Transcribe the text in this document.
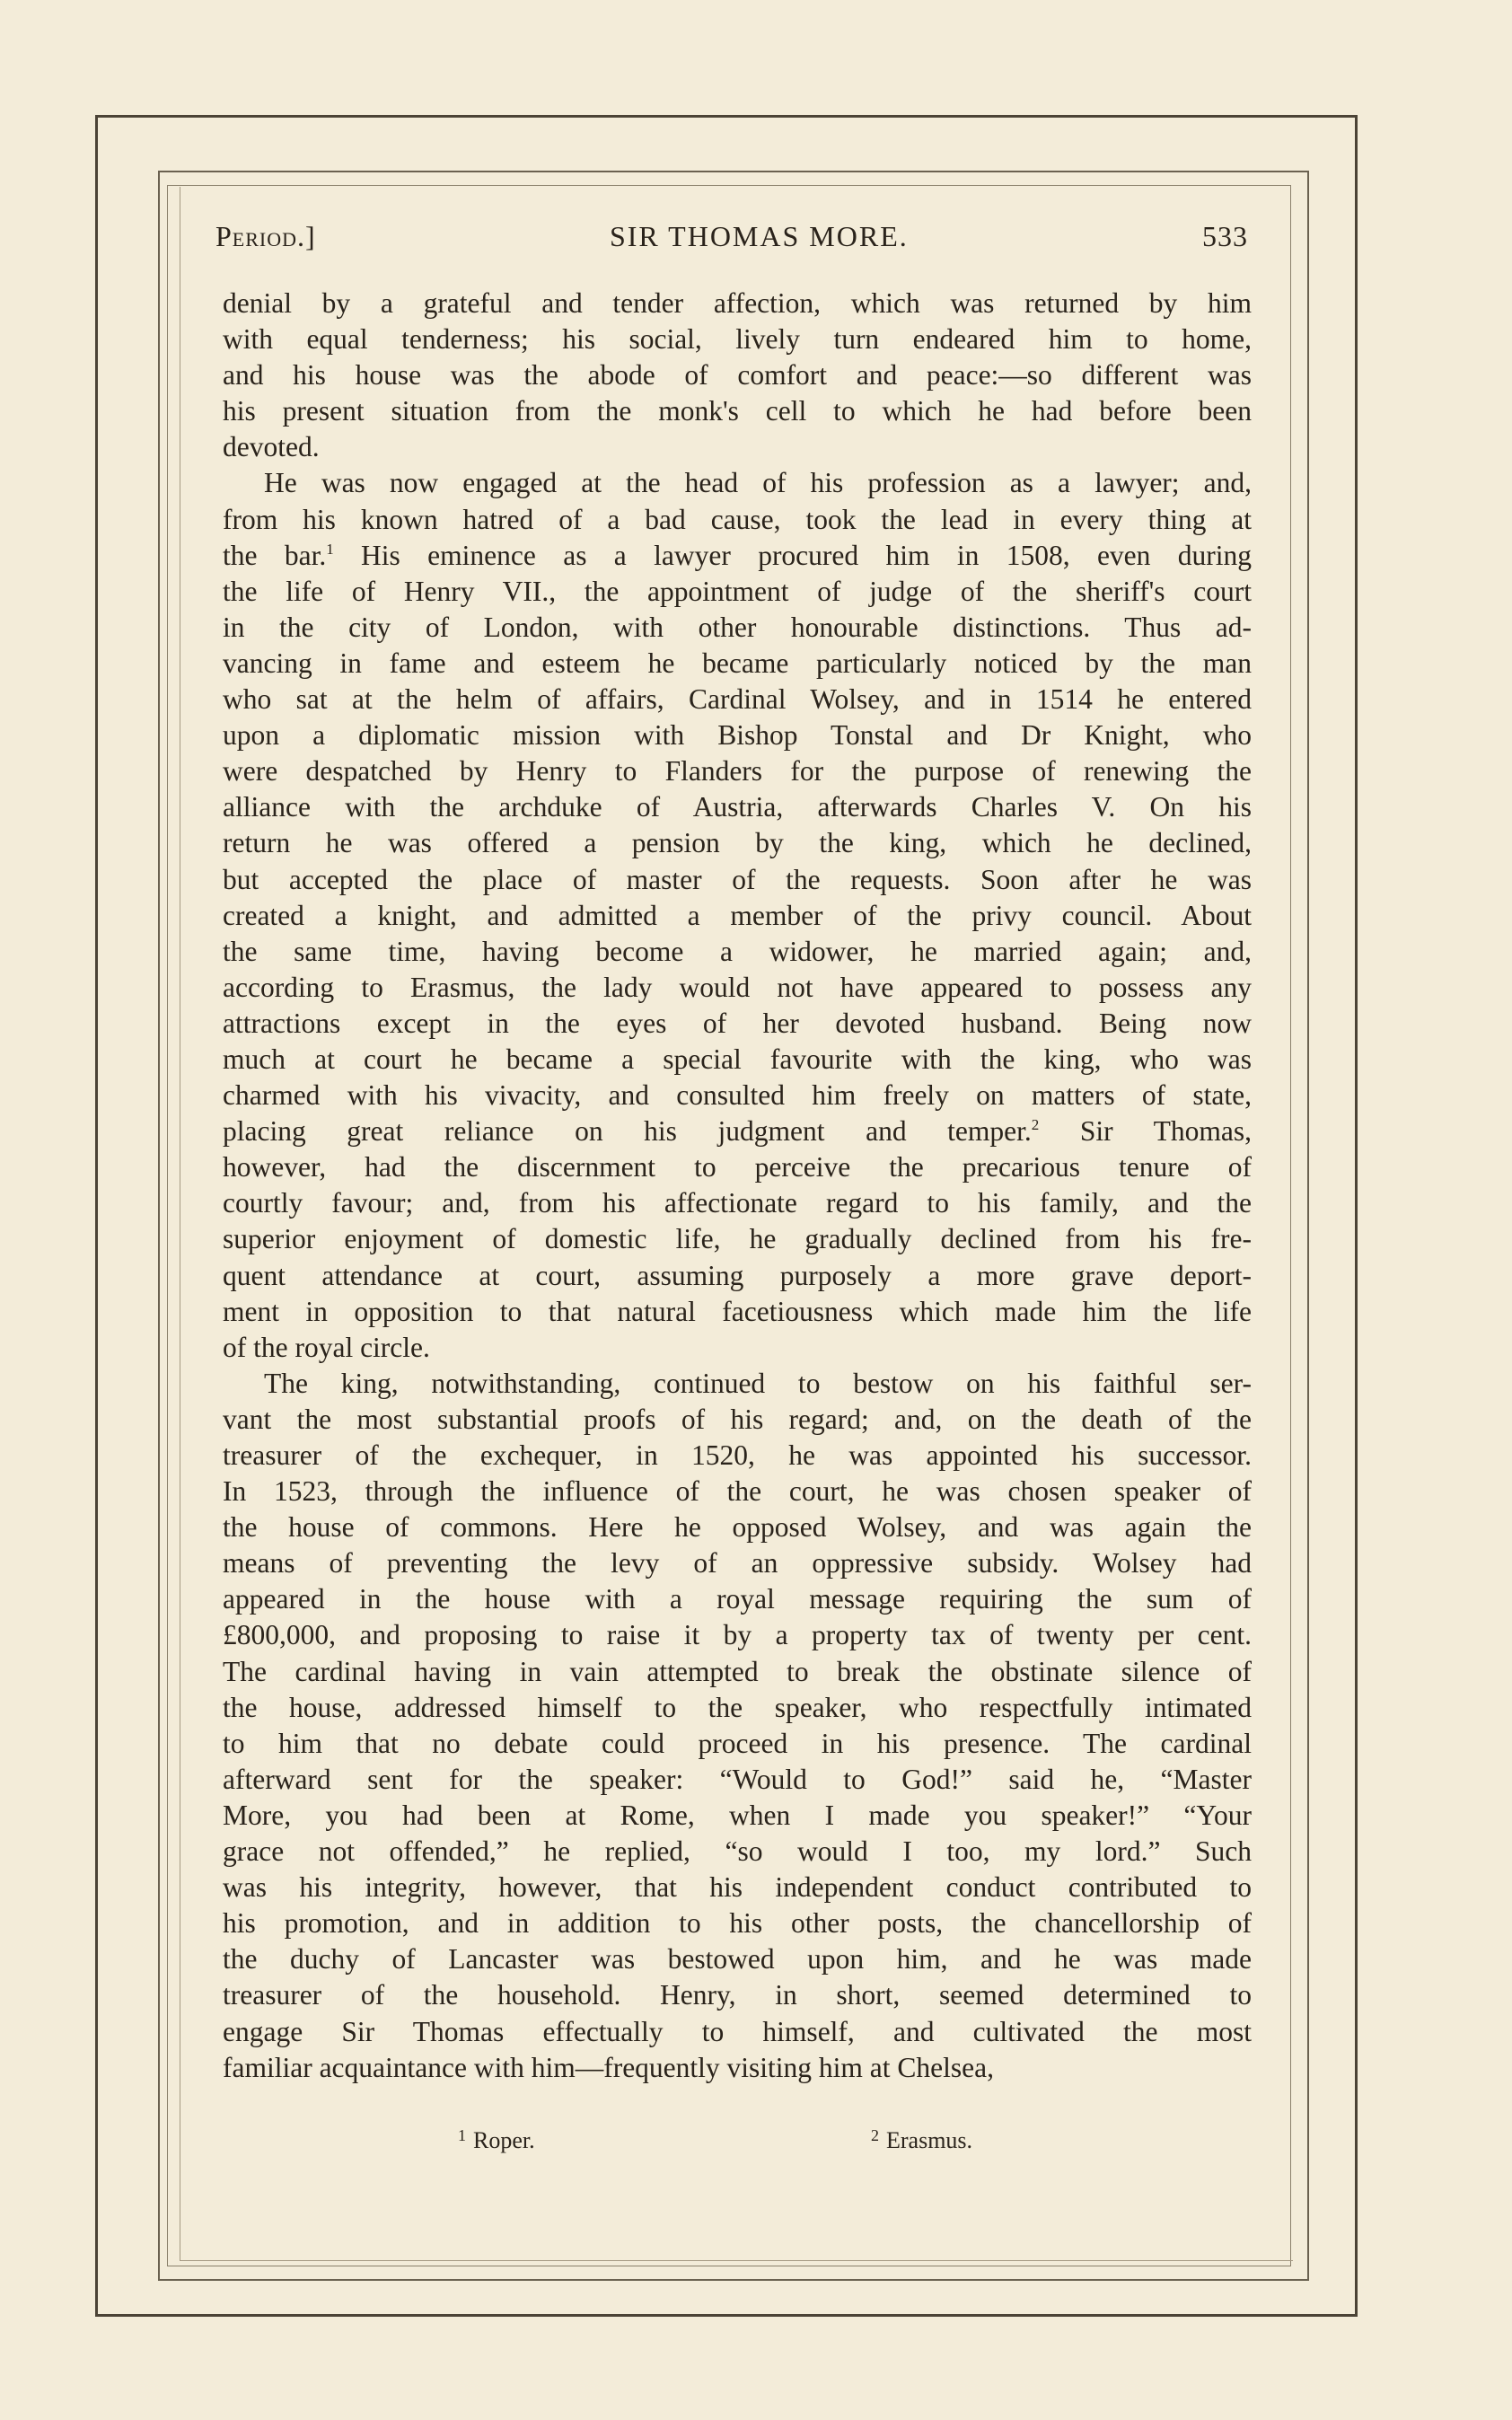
Period.]	SIR THOMAS MORE.	533
denial by a grateful and tender affection, which was returned by him
with equal tenderness; his social, lively turn endeared him to home,
and his house was the abode of comfort and peace:—so different was
his present situation from the monk's cell to which he had before been
devoted.
He was now engaged at the head of his profession as a lawyer; and,
from his known hatred of a bad cause, took the lead in every thing at
the bar.$^1$ His eminence as a lawyer procured him in 1508, even during
the life of Henry VII., the appointment of judge of the sheriff's court
in the city of London, with other honourable distinctions. Thus ad-
vancing in fame and esteem he became particularly noticed by the man
who sat at the helm of affairs, Cardinal Wolsey, and in 1514 he entered
upon a diplomatic mission with Bishop Tonstal and Dr Knight, who
were despatched by Henry to Flanders for the purpose of renewing the
alliance with the archduke of Austria, afterwards Charles V. On his
return he was offered a pension by the king, which he declined,
but accepted the place of master of the requests. Soon after he was
created a knight, and admitted a member of the privy council. About
the same time, having become a widower, he married again; and,
according to Erasmus, the lady would not have appeared to possess any
attractions except in the eyes of her devoted husband. Being now
much at court he became a special favourite with the king, who was
charmed with his vivacity, and consulted him freely on matters of state,
placing great reliance on his judgment and temper.$^2$ Sir Thomas,
however, had the discernment to perceive the precarious tenure of
courtly favour; and, from his affectionate regard to his family, and the
superior enjoyment of domestic life, he gradually declined from his fre-
quent attendance at court, assuming purposely a more grave deport-
ment in opposition to that natural facetiousness which made him the life
of the royal circle.
The king, notwithstanding, continued to bestow on his faithful ser-
vant the most substantial proofs of his regard; and, on the death of the
treasurer of the exchequer, in 1520, he was appointed his successor.
In 1523, through the influence of the court, he was chosen speaker of
the house of commons. Here he opposed Wolsey, and was again the
means of preventing the levy of an oppressive subsidy. Wolsey had
appeared in the house with a royal message requiring the sum of
£800,000, and proposing to raise it by a property tax of twenty per cent.
The cardinal having in vain attempted to break the obstinate silence of
the house, addressed himself to the speaker, who respectfully intimated
to him that no debate could proceed in his presence. The cardinal
afterward sent for the speaker: “Would to God!” said he, “Master
More, you had been at Rome, when I made you speaker!” “Your
grace not offended,” he replied, “so would I too, my lord.” Such
was his integrity, however, that his independent conduct contributed to
his promotion, and in addition to his other posts, the chancellorship of
the duchy of Lancaster was bestowed upon him, and he was made
treasurer of the household. Henry, in short, seemed determined to
engage Sir Thomas effectually to himself, and cultivated the most
familiar acquaintance with him—frequently visiting him at Chelsea,
$^1$ Roper.	$^2$ Erasmus.
